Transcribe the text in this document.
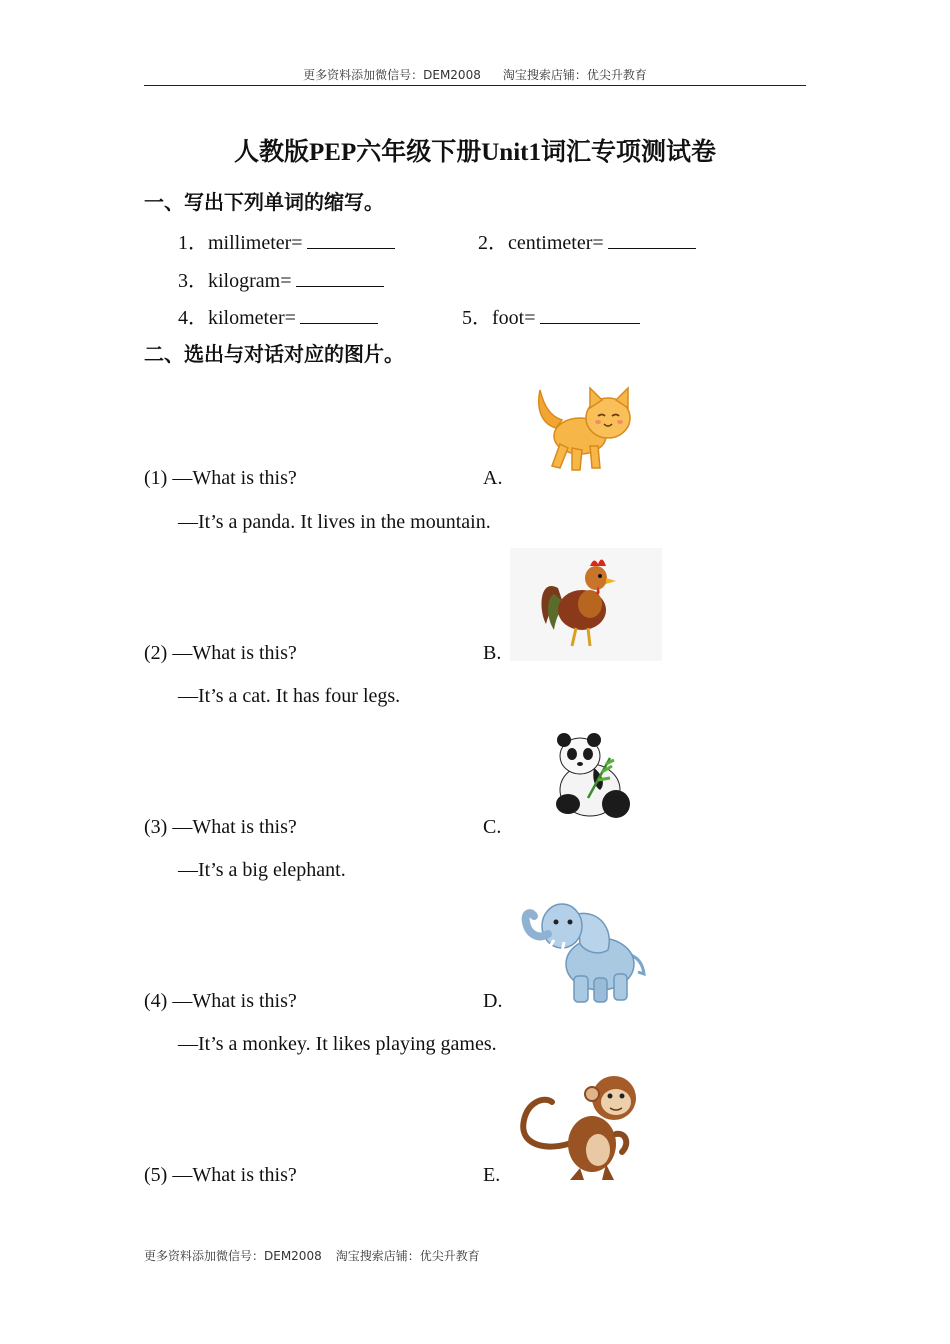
更多资料添加微信号：DEM2008 淘宝搜索店铺：优尖升教育
人教版PEP六年级下册Unit1词汇专项测试卷
一、写出下列单词的缩写。
1．millimeter=	2．centimeter=
3．kilogram=
4．kilometer=	5．foot=
二、选出与对话对应的图片。
(1) —What is this?
—It’s a panda. It lives in the mountain.
A.
(2) —What is this?
—It’s a cat. It has four legs.
B.
(3) —What is this?
—It’s a big elephant.
C.
(4) —What is this?
—It’s a monkey. It likes playing games.
D.
(5) —What is this?	E.
更多资料添加微信号：DEM2008 淘宝搜索店铺：优尖升教育
